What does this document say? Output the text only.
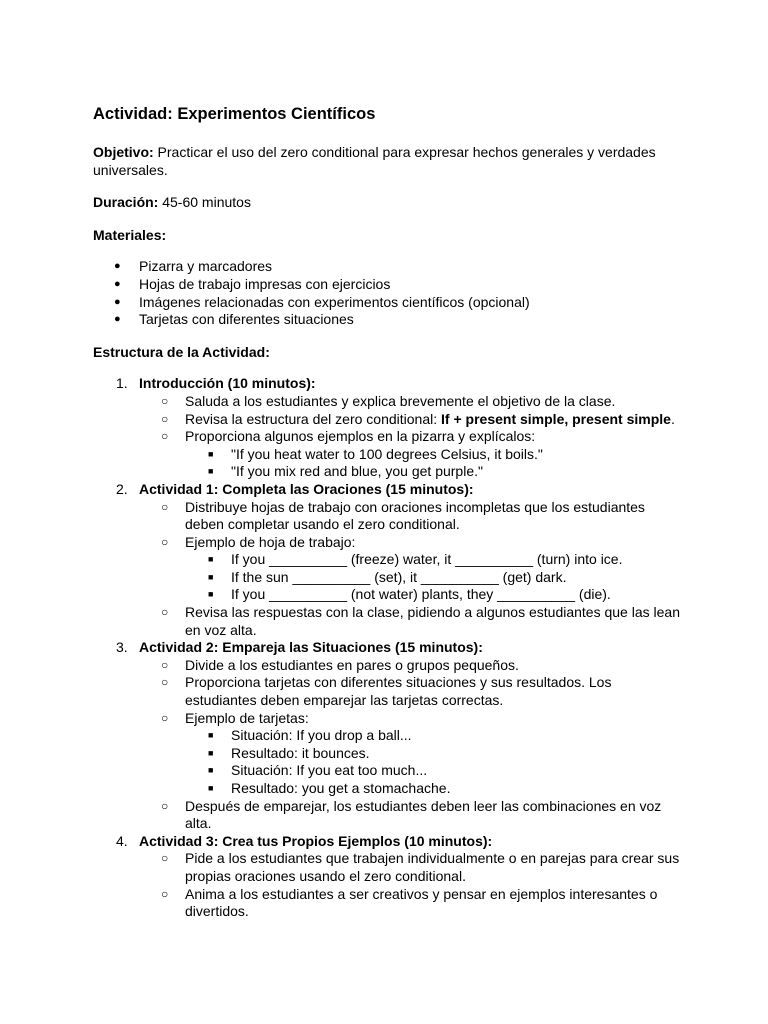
Actividad: Experimentos Científicos

Objetivo: Practicar el uso del zero conditional para expresar hechos generales y verdades universales.

Duración: 45-60 minutos

Materiales:

● Pizarra y marcadores
● Hojas de trabajo impresas con ejercicios
● Imágenes relacionadas con experimentos científicos (opcional)
● Tarjetas con diferentes situaciones

Estructura de la Actividad:

1. Introducción (10 minutos):
○ Saluda a los estudiantes y explica brevemente el objetivo de la clase.
○ Revisa la estructura del zero conditional: If + present simple, present simple.
○ Proporciona algunos ejemplos en la pizarra y explícalos:
■ "If you heat water to 100 degrees Celsius, it boils."
■ "If you mix red and blue, you get purple."
2. Actividad 1: Completa las Oraciones (15 minutos):
○ Distribuye hojas de trabajo con oraciones incompletas que los estudiantes deben completar usando el zero conditional.
○ Ejemplo de hoja de trabajo:
■ If you __________ (freeze) water, it __________ (turn) into ice.
■ If the sun __________ (set), it __________ (get) dark.
■ If you __________ (not water) plants, they __________ (die).
○ Revisa las respuestas con la clase, pidiendo a algunos estudiantes que las lean en voz alta.
3. Actividad 2: Empareja las Situaciones (15 minutos):
○ Divide a los estudiantes en pares o grupos pequeños.
○ Proporciona tarjetas con diferentes situaciones y sus resultados. Los estudiantes deben emparejar las tarjetas correctas.
○ Ejemplo de tarjetas:
■ Situación: If you drop a ball...
■ Resultado: it bounces.
■ Situación: If you eat too much...
■ Resultado: you get a stomachache.
○ Después de emparejar, los estudiantes deben leer las combinaciones en voz alta.
4. Actividad 3: Crea tus Propios Ejemplos (10 minutos):
○ Pide a los estudiantes que trabajen individualmente o en parejas para crear sus propias oraciones usando el zero conditional.
○ Anima a los estudiantes a ser creativos y pensar en ejemplos interesantes o divertidos.
